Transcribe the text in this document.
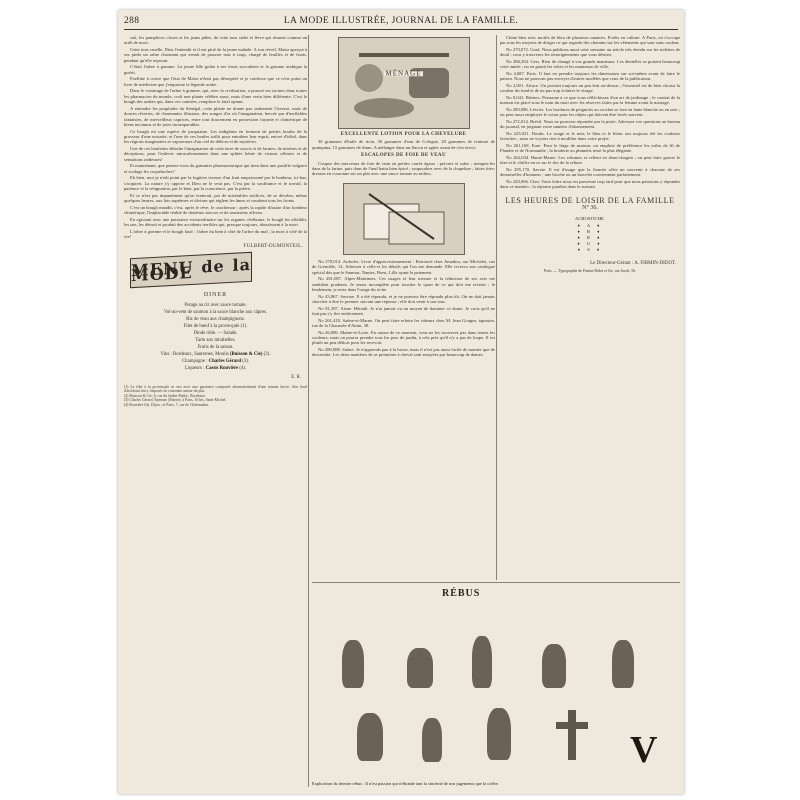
288	LA MODE ILLUSTRÉE, JOURNAL DE LA FAMILLE.

sait, les pampleces closes et les jeans pâles, de cette tous siehe et lèvre qui résume comme un arrêt de mort.

Cette tous cruelle, Dieu l'entendit et il eut pitié de la jeune malade. A son réveil, Maïra aperçut à ses pieds un arbre charmant qui venait de pousser tout à coup, chargé de feuilles et de fruits, pendant qu'elle reposait.

C'était l'arbre à gomme. La jeune fille goûta à ses fruits succulents et la gomme arabique la guérit.

Fuelline à croire que l'état de Maïra n'était pas désespéré et je confesse que ce n'est point un livre de médecine que j'emprunte la légende arabe.

Dans le voisinage de l'arbre à gomme, qui, avec la civilisation, a poussé ses racines dans toutes les pharmacies du monde, croît une plante célèbre aussi, mais d'une vertu bien différente. C'est le bough des arabes qui, dans ces contrées, remplace le fatal opium.

A entendre les peuplades du Sénégal, cette plante ne donne pas seulement l'ivresse, mais de douces rêveries, de charmantes illusions, des songes d'or où l'imagination, bercée par d'ineffables fantaisies, de merveilleux caprices, entre tout doucement en possession fuyante et chimérique de biens inconnus et de joies incomparables.

Ce bough est une espèce de jusquiame. Les indigènes en forment de petites boules de la grosseur d'une noisette, et l'une de ces boules suffit pour entraîner leur esprit, enivré d'idéal, dans les régions imaginaires et vaporeuses d'un ciel de délices et de mystères.

Une de ces boulettes détache l'imagination de cette terre de soucis et de larmes, de misères et de déceptions, pour l'enlever miraculeusement dans une sphère bénie de visions célestes et de sensations radieuses!

Et maintenant, que pensez-vous du gommier pharmaceutique qui tient dans une pastille vulgaire et soulage les coqueluches?

Eh bien, moi je n'eût point par la fugitive ivresse d'un fruit empoisonné par le bonheur, ici-bas, s'acquiert. La nature s'y oppose et Dieu ne le veut pas. C'est par la souffrance et le travail, la patience et la résignation, par le bien, par la conscience, par la prière.

Et ce n'est pas impunément qu'on tenterait, par de misérables artifices, de se dérober, même quelques heures, aux lois suprêmes et divines qui règlent les âmes et courbent tous les fronts.

C'est un bough maudit, c'est, après le rêve, le cauchemar ; après la rapide illusion d'un bonheur chimérique, l'implacable réalité de douleurs atroces et de tourments affreux.

En agissant avec une puissance extraordinaire sur les organes cérébraux, le bough les affaiblit, les use, les détruit et produit des accidents terribles qui, presque toujours, aboutissent à la mort.

L'arbre à gomme et le bough fatal : l'arbre du bien à côté de l'arbre du mal ; la mort à côté de la vie!

FULBERT-DUMONTEIL.
MENU de la MODE
DINER
Potage au riz avec sauce tomate.
Vol-au-vent de saumon à la sauce blanche aux câpres.
Riz de veau aux champignons.
Filet de bœuf à la provençale (1).
Dinde rôtie. — Salade.
Tarte aux mirabelles.
Fruits de la saison.
Vins : Bordeaux, Sauternes, Moulis (Buisson & Cie) (2).
Champagne : Charles Gérard (3).
Liqueurs : Cassis Rouvière (4).
E. R.
(1) Le filet à la provençale se sert avec une garniture composée alternativement d'une tomate farcie, d'un fond d'artichaut farci, disposés en couronne autour du plat.
(2) Buisson & Cie, 6, rue du Jardin-Public, Bordeaux.
(3) Charles Gérard, Epernay (Marne); à Paris, 16 bis, Saint-Michel.
(4) Rouvière fils, Dijon ; et Paris, 7, rue de Châteaudun.
MÉNAGE
EXCELLENTE LOTION POUR LA CHEVELURE

30 grammes d'huile de ricin, 30 grammes d'eau de Cologne, 20 grammes de teinture de quinquina, 15 grammes de rhum. A mélanger dans un flacon et agiter avant de s'en servir.

ESCALOPES DE FOIE DE VEAU

Coupez des morceaux de foie de veau en petites carrés égaux ; poivrez et salez ; trempez-les dans de la farine, puis dans de l'œuf battu bien épicé ; saupoudrez avec de la chapelure ; faites frire; dressez en couronne sur un plat avec une sauce tomate au milieu.

No 270,014. Ardoche. Livre d'approvisionnement : Retrouvé chez Amadou, rue Michelet, rue de Grenoble, 14. Adresser à celle-ci les détails qui l'on me demande. Elle recevra son catalogue spécial dès que le Saumur, Nantes, Brest, Lille ayant le paiement.

No 281,087. Alpes-Maritimes. Ces usages et leur mesure et la rédaction de ses avis me semblent prudents. Je serais incomplète pour toucher le quart de ce qui doit me revenir ; le lendemain, je reste dans l'usage du riche.

No 43,867. Savone. Il a été répondu, et je ne pouvais être répondu plus tôt. On ne doit jamais chercher à être le premier suivant une réponse ; elle doit venir à son tour.

No 81,397. Aisne. Hérault. Je n'ai jamais vu un moyen de dominer ce doute. Je crois qu'il ne faut pas s'y fier entièrement.

No 261,418. Saône-et-Marne. On peut faire refaire les rideaux chez M. Jean Gouges, tapissier, rue de la Chaussée-d'Antin, 38.

No 26,086. Maine-et-Loire. En raison de ce moment, vous ne les trouverez pas dans toutes les couleurs; mais on pourra prendre tous les pots de jardin, à cela près qu'il n'y a pas de loupe. Il est plutôt un peu délicat pour les recevoir.

No 280,088. Saône. Je n'apprends pas à la bosse, mais il n'est pas aussi facile de monter que de descendre. Les deux manières de se promener à cheval sont essayées par beaucoup de dames.

Chine bleu avec motifs de bleu de plusieurs nuances. Forêts en culture. A Paris, on s'occupe par tous les moyens de diriger ce qui regarde des chemins sur les vêtements qui sont sans couleur.

No 270,072. Gard. Nous publions aussi cette semaine un article très étendu sur les toilettes de deuil ; vous y trouverez les renseignements que vous désirez.

No 286,204. Gers. Rien de changé à vos grands manteaux. Les dentelles se portent beaucoup cette année ; on en garnit les robes et les manteaux de ville.

No 4,087. Paris. Il faut en prendre toujours les dimensions sur soi-même avant de faire le patron. Nous ne pouvons pas envoyer d'autres modèles que ceux de la publication.

No 2,001. Alsace. Un portrait toujours un peu lent au-dessus ; l'essentiel est de bien choisir la couleur du fond et de ne pas trop éclairer le visage.

No 8,041. Béziers. Personne à ce que vous réfléchissez d'un art de jardinage ; le contrat de la maison est placé sous le nom du mari avec les réserves faites par la femme avant le mariage.

No 200,086. Lévrier. Les bordures de peignoirs au crochet se font en laine blanche ou en soie ; on peut aussi employer le coton pour les objets qui doivent être lavés souvent.

No 272,014. Brésil. Nous ne pouvons répondre par la poste. Adressez vos questions au bureau du journal, en joignant votre numéro d'abonnement.

No 225,021. Doubs. Le rouge et le noir, le bleu et le blanc ont toujours été les couleurs favorites ; nous ne voyons rien à modifier dans votre projet.

No 261,168. Eure. Pour le linge de maison, on emploie de préférence les toiles de fil de Flandre et de Normandie ; la broderie au plumetis reste la plus élégante.

No 262,034. Haute-Marne. Les volumes se relient en demi-chagrin ; on peut faire graver le titre et le chiffre en or sur le dos de la reliure.

No 295,170. Savoie. Il est d'usage que la fiancée offre un souvenir à chacune de ses demoiselles d'honneur ; une broche ou un bracelet conviennent parfaitement.

No 220,066. Cher. Votre lettre nous est parvenue trop tard pour que nous puissions y répondre dans ce numéro ; la réponse paraîtra dans le suivant.

LES HEURES DE LOISIR DE LA FAMILLE
N° 36.
ACROSTICHE.
♦ A ♦
♦ B ♦
♦ R ♦
♦ U ♦
♦ S ♦
Le Directeur-Gérant : A. FIRMIN-DIDOT.
Paris. — Typographie de Firmin-Didot et Cie, rue Jacob, 56.
RÉBUS
V
Explication du dernier rébus : Il n'est passion qui n'ébranle tant la sincérité de nos jugements que la colère.
